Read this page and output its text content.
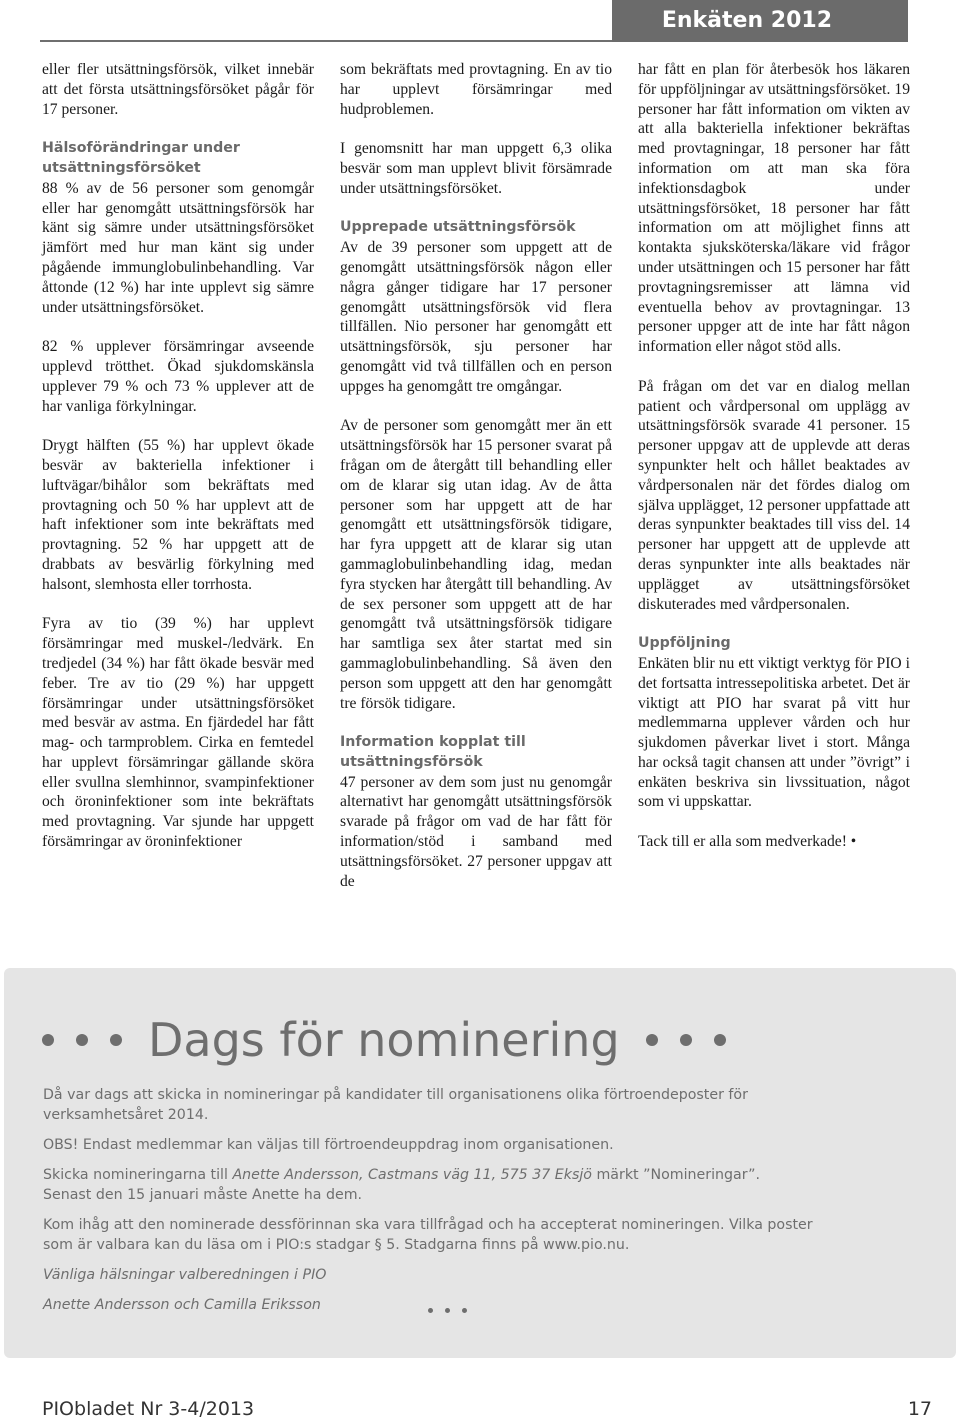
Enkäten 2012

eller fler utsättningsförsök, vilket innebär att det första utsättningsförsöket pågår för 17 personer.

Hälsoförändringar under utsättningsförsöket

88 % av de 56 personer som genomgår eller har genomgått utsättningsförsök har känt sig sämre under utsättningsförsöket jämfört med hur man känt sig under pågående immunglobulinbehandling. Var åttonde (12 %) har inte upplevt sig sämre under utsättningsförsöket.

82 % upplever försämringar avseende upplevd trötthet. Ökad sjukdomskänsla upplever 79 % och 73 % upplever att de har vanliga förkylningar.

Drygt hälften (55 %) har upplevt ökade besvär av bakteriella infektioner i luftvägar/bihålor som bekräftats med provtagning och 50 % har upplevt att de haft infektioner som inte bekräftats med provtagning. 52 % har uppgett att de drabbats av besvärlig förkylning med halsont, slemhosta eller torrhosta.

Fyra av tio (39 %) har upplevt försämringar med muskel-/ledvärk. En tredjedel (34 %) har fått ökade besvär med feber. Tre av tio (29 %) har uppgett försämringar under utsättningsförsöket med besvär av astma. En fjärdedel har fått mag- och tarmproblem. Cirka en femtedel har upplevt försämringar gällande sköra eller svullna slemhinnor, svampinfektioner och öroninfektioner som inte bekräftats med provtagning. Var sjunde har uppgett försämringar av öroninfektioner

som bekräftats med provtagning. En av tio har upplevt försämringar med hudproblemen.

I genomsnitt har man uppgett 6,3 olika besvär som man upplevt blivit försämrade under utsättningsförsöket.

Upprepade utsättningsförsök

Av de 39 personer som uppgett att de genomgått utsättningsförsök någon eller några gånger tidigare har 17 personer genomgått utsättningsförsök vid flera tillfällen. Nio personer har genomgått ett utsättningsförsök, sju personer har genomgått vid två tillfällen och en person uppges ha genomgått tre omgångar.

Av de personer som genomgått mer än ett utsättningsförsök har 15 personer svarat på frågan om de återgått till behandling eller om de klarar sig utan idag. Av de åtta personer som har uppgett att de har genomgått ett utsättningsförsök tidigare, har fyra uppgett att de klarar sig utan gammaglobulinbehandling idag, medan fyra stycken har återgått till behandling. Av de sex personer som uppgett att de har genomgått två utsättningsförsök tidigare har samtliga sex åter startat med sin gammaglobulinbehandling. Så även den person som uppgett att den har genomgått tre försök tidigare.

Information kopplat till utsättningsförsök

47 personer av dem som just nu genomgår alternativt har genomgått utsättningsförsök svarade på frågor om vad de har fått för information/stöd i samband med utsättningsförsöket. 27 personer uppgav att de

har fått en plan för återbesök hos läkaren för uppföljningar av utsättningsförsöket. 19 personer har fått information om vikten av att alla bakteriella infektioner bekräftas med provtagningar, 18 personer har fått information om att man ska föra infektionsdagbok under utsättningsförsöket, 18 personer har fått information om att möjlighet finns att kontakta sjuksköterska/läkare vid frågor under utsättningen och 15 personer har fått provtagningsremisser att lämna vid eventuella behov av provtagningar. 13 personer uppger att de inte har fått någon information eller något stöd alls.

På frågan om det var en dialog mellan patient och vårdpersonal om upplägg av utsättningsförsök svarade 41 personer. 15 personer uppgav att de upplevde att deras synpunkter helt och hållet beaktades av vårdpersonalen när det fördes dialog om själva upplägget, 12 personer uppfattade att deras synpunkter beaktades till viss del. 14 personer har uppgett att de upplevde att deras synpunkter inte alls beaktades när upplägget av utsättningsförsöket diskuterades med vårdpersonalen.

Uppföljning

Enkäten blir nu ett viktigt verktyg för PIO i det fortsatta intressepolitiska arbetet. Det är viktigt att PIO har svarat på vitt hur medlemmarna upplever vården och hur sjukdomen påverkar livet i stort. Många har också tagit chansen att under ”övrigt” i enkäten beskriva sin livssituation, något som vi uppskattar.

Tack till er alla som medverkade! •

Dags för nominering

Då var dags att skicka in nomineringar på kandidater till organisationens olika förtroendeposter för verksamhetsåret 2014.

OBS! Endast medlemmar kan väljas till förtroendeuppdrag inom organisationen.

Skicka nomineringarna till Anette Andersson, Castmans väg 11, 575 37 Eksjö märkt ”Nomineringar”.
Senast den 15 januari måste Anette ha dem.

Kom ihåg att den nominerade dessförinnan ska vara tillfrågad och ha accepterat nomineringen. Vilka poster som är valbara kan du läsa om i PIO:s stadgar § 5. Stadgarna finns på www.pio.nu.

Vänliga hälsningar valberedningen i PIO

Anette Andersson och Camilla Eriksson

PIObladet Nr 3-4/2013	17
